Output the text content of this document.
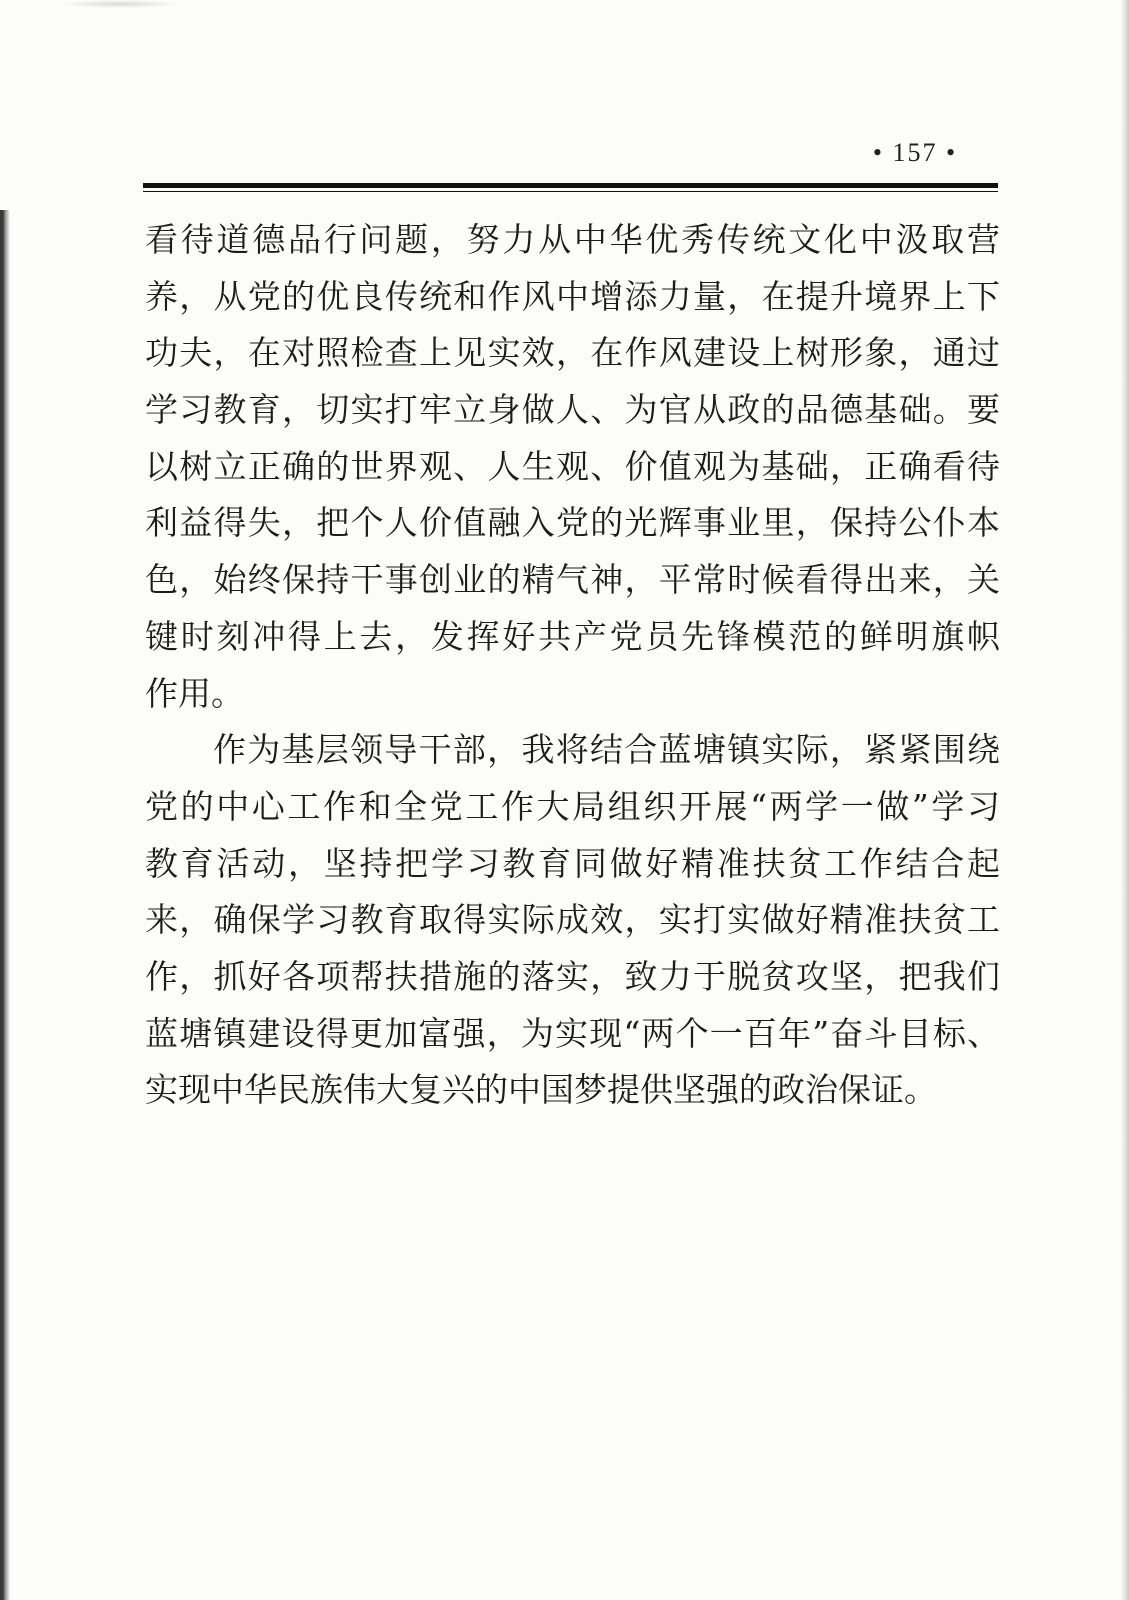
• 157 •
看待道德品行问题，努力从中华优秀传统文化中汲取营
养，从党的优良传统和作风中增添力量，在提升境界上下
功夫，在对照检查上见实效，在作风建设上树形象，通过
学习教育，切实打牢立身做人、为官从政的品德基础。要
以树立正确的世界观、人生观、价值观为基础，正确看待
利益得失，把个人价值融入党的光辉事业里，保持公仆本
色，始终保持干事创业的精气神，平常时候看得出来，关
键时刻冲得上去，发挥好共产党员先锋模范的鲜明旗帜
作用。
作为基层领导干部，我将结合蓝塘镇实际，紧紧围绕
党的中心工作和全党工作大局组织开展“两学一做”学习
教育活动，坚持把学习教育同做好精准扶贫工作结合起
来，确保学习教育取得实际成效，实打实做好精准扶贫工
作，抓好各项帮扶措施的落实，致力于脱贫攻坚，把我们
蓝塘镇建设得更加富强，为实现“两个一百年”奋斗目标、
实现中华民族伟大复兴的中国梦提供坚强的政治保证。
